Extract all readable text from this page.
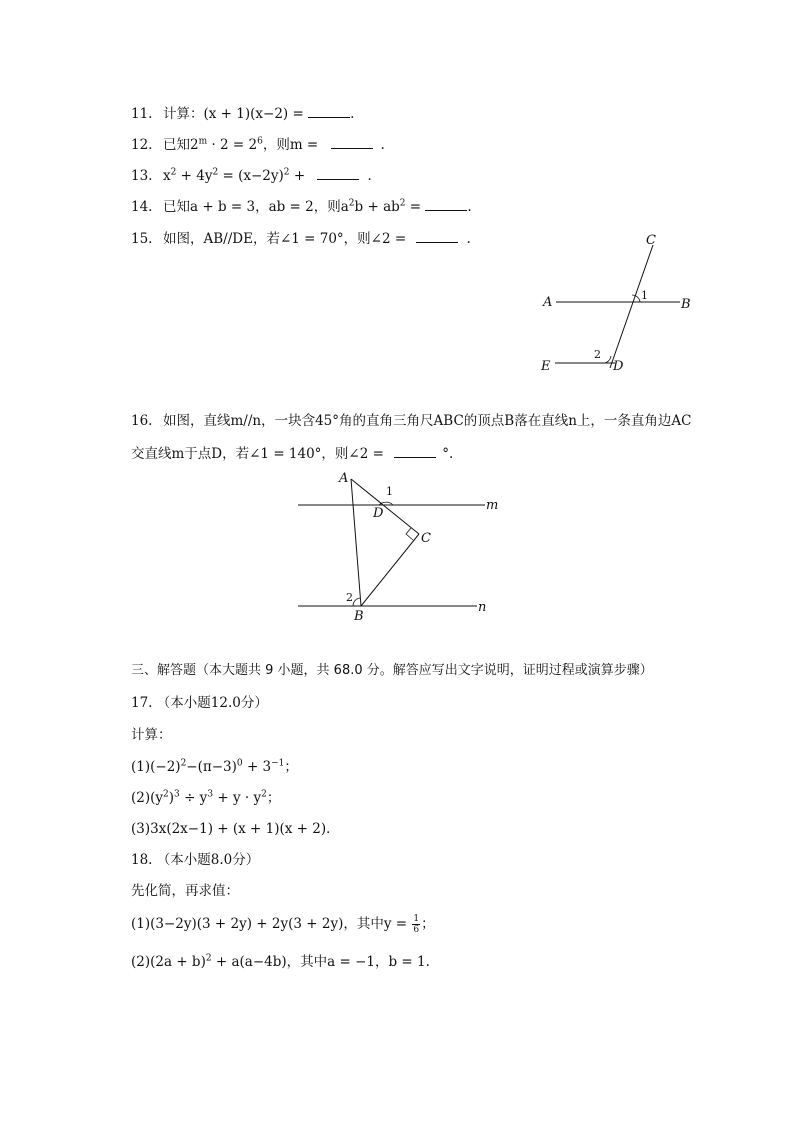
11. 计算：(x + 1)(x−2) =	.
12. 已知$2^m \cdot 2 = 2^6$，则m =	.
13. $x^2 + 4y^2 = (x-2y)^2$ +	.
14. 已知a + b = 3，ab = 2，则$a^2b + ab^2$ =	.
15. 如图，AB//DE，若∠1 = 70°，则∠2 =	.	C
A	B
E	D
1
2
16. 如图，直线m//n，一块含45°角的直角三角尺ABC的顶点B落在直线n上，一条直角边AC
交直线m于点D，若∠1 = 140°，则∠2 =	°.
A
D
C
B
m
n
1
2
三、解答题（本大题共 9 小题，共 68.0 分。解答应写出文字说明，证明过程或演算步骤）
17. （本小题12.0分）
计算：
$(1)(-2)^2-(\pi-3)^0 + 3^{-1}$；
$(2)(y^2)^3 \div y^3 + y \cdot y^2$；
(3)3x(2x−1) + (x + 1)(x + 2)．
18. （本小题8.0分）
先化简，再求值：
(1)(3−2y)(3 + 2y) + 2y(3 + 2y)，其中$y = \frac{1}{6}$ ；
$(2)(2a + b)^2 + a(a-4b)$，其中a = −1，b = 1.
